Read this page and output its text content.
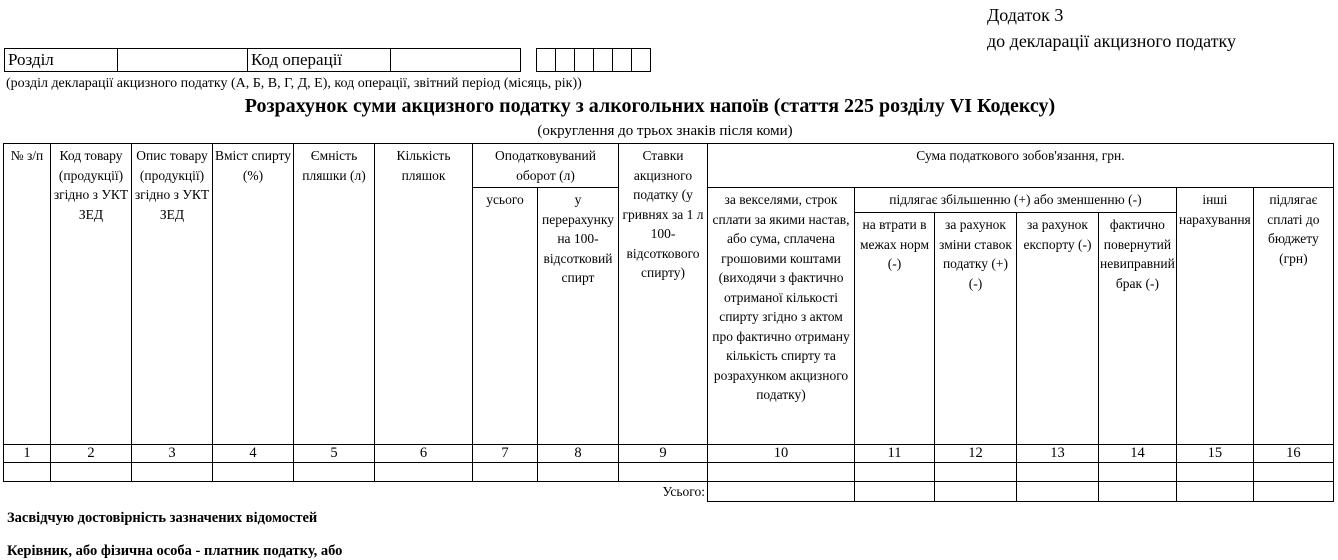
Додаток 3
до декларації акцизного податку
Розділ		Код операції	

(розділ декларації акцизного податку (А, Б, В, Г, Д, Е), код операції, звітний період (місяць, рік))
Розрахунок суми акцизного податку з алкогольних напоїв (стаття 225 розділу VI Кодексу)
(округлення до трьох знаків після коми)
№ з/п	Код товару (продукції) згідно з УКТ ЗЕД	Опис товару (продукції) згідно з УКТ ЗЕД	Вміст спирту (%)	Ємність пляшки (л)	Кількість пляшок	Оподатковуваний оборот (л)		Ставки акцизного податку (у гривнях за 1 л 100-відсоткового спирту)	Сума податкового зобов'язання, грн.						
						усього	у перерахунку на 100-відсотковий спирт		за векселями, строк сплати за якими настав, або сума, сплачена грошовими коштами (виходячи з фактично отриманої кількості спирту згідно з актом про фактично отриману кількість спирту та розрахунком акцизного податку)	підлягає збільшенню (+) або зменшенню (-)				інші нарахування	підлягає сплаті до бюджету (грн)
										на втрати в межах норм (-)	за рахунок зміни ставок податку (+) (-)	за рахунок експорту (-)	фактично повернутий невиправний брак (-)		
1	2	3	4	5	6	7	8	9	10	11	12	13	14	15	16

Усього:															
Засвідчую достовірність зазначених відомостей
Керівник, або фізична особа - платник податку, або
